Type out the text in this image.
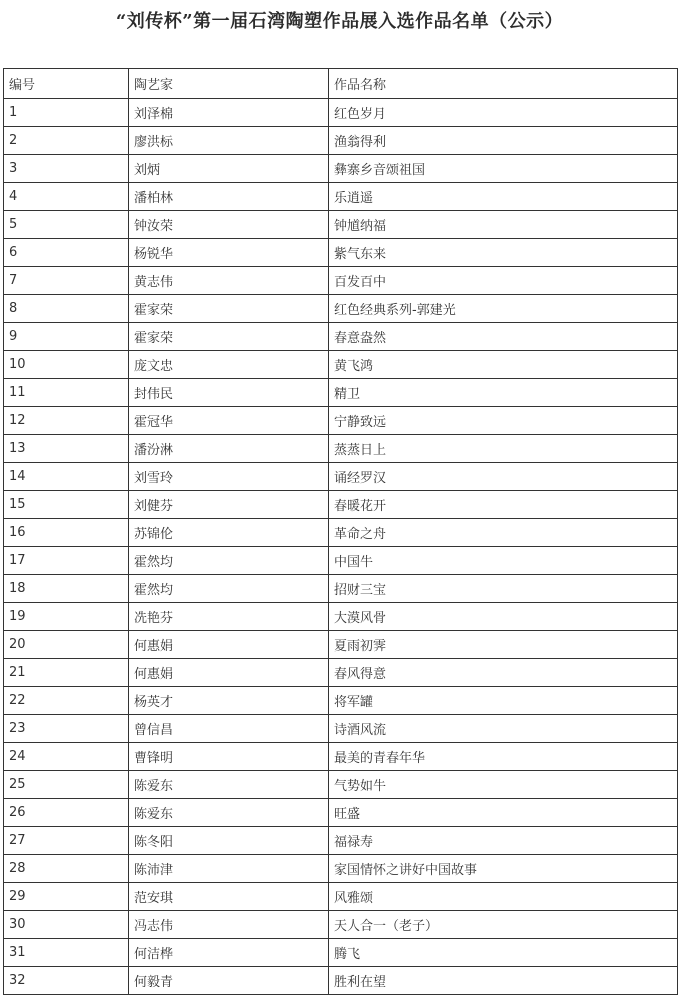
“刘传杯”第一届石湾陶塑作品展入选作品名单（公示）
编号	陶艺家	作品名称
1	刘泽棉	红色岁月
2	廖洪标	渔翁得利
3	刘炳	彝寨乡音颂祖国
4	潘柏林	乐逍遥
5	钟汝荣	钟馗纳福
6	杨锐华	紫气东来
7	黄志伟	百发百中
8	霍家荣	红色经典系列-郭建光
9	霍家荣	春意盎然
10	庞文忠	黄飞鸿
11	封伟民	精卫
12	霍冠华	宁静致远
13	潘汾淋	蒸蒸日上
14	刘雪玲	诵经罗汉
15	刘健芬	春暖花开
16	苏锦伦	革命之舟
17	霍然均	中国牛
18	霍然均	招财三宝
19	冼艳芬	大漠风骨
20	何惠娟	夏雨初霁
21	何惠娟	春风得意
22	杨英才	将军罐
23	曾信昌	诗酒风流
24	曹锋明	最美的青春年华
25	陈爱东	气势如牛
26	陈爱东	旺盛
27	陈冬阳	福禄寿
28	陈沛津	家国情怀之讲好中国故事
29	范安琪	风雅颂
30	冯志伟	天人合一（老子）
31	何洁桦	腾飞
32	何毅青	胜利在望
